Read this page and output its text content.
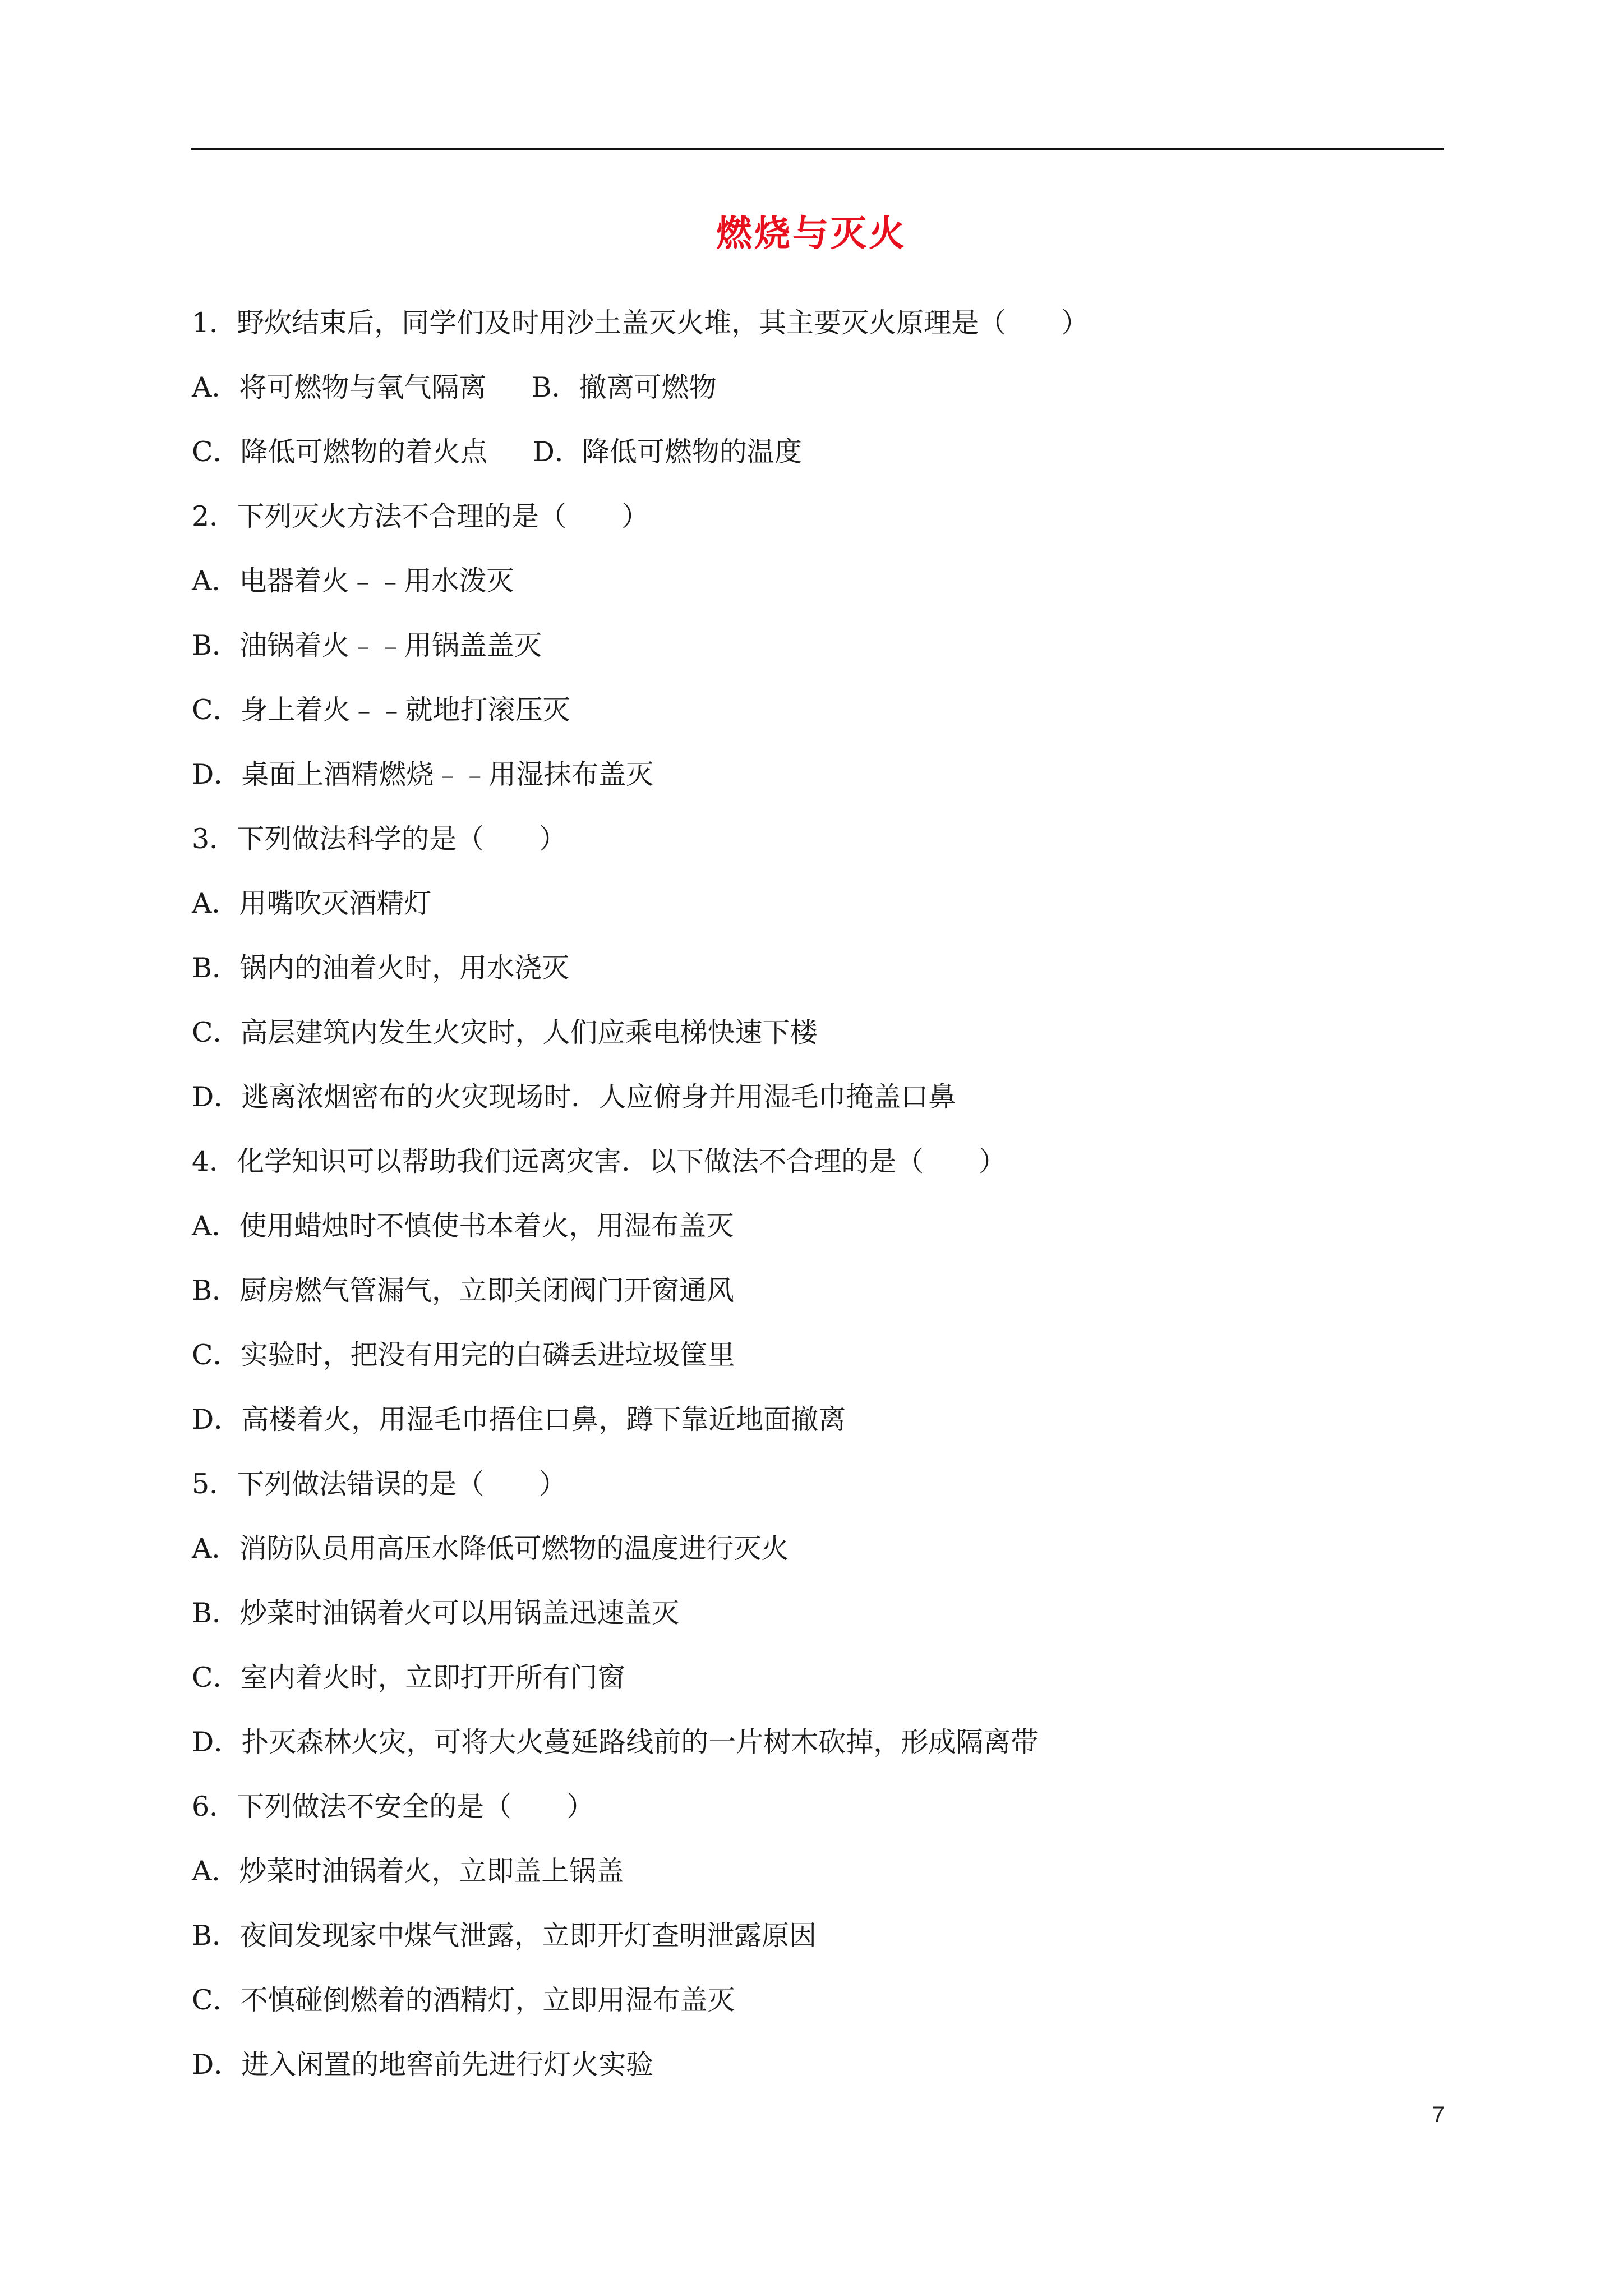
燃烧与灭火
1．野炊结束后，同学们及时用沙土盖灭火堆，其主要灭火原理是（　　）
A．将可燃物与氧气隔离　  B．撤离可燃物
C．降低可燃物的着火点　  D．降低可燃物的温度
2．下列灭火方法不合理的是（　　）
A．电器着火﹣﹣用水泼灭
B．油锅着火﹣﹣用锅盖盖灭
C．身上着火﹣﹣就地打滚压灭
D．桌面上酒精燃烧﹣﹣用湿抹布盖灭
3．下列做法科学的是（　　）
A．用嘴吹灭酒精灯
B．锅内的油着火时，用水浇灭
C．高层建筑内发生火灾时，人们应乘电梯快速下楼
D．逃离浓烟密布的火灾现场时．人应俯身并用湿毛巾掩盖口鼻
4．化学知识可以帮助我们远离灾害．以下做法不合理的是（　　）
A．使用蜡烛时不慎使书本着火，用湿布盖灭
B．厨房燃气管漏气，立即关闭阀门开窗通风
C．实验时，把没有用完的白磷丢进垃圾筐里
D．高楼着火，用湿毛巾捂住口鼻，蹲下靠近地面撤离
5．下列做法错误的是（　　）
A．消防队员用高压水降低可燃物的温度进行灭火
B．炒菜时油锅着火可以用锅盖迅速盖灭
C．室内着火时，立即打开所有门窗
D．扑灭森林火灾，可将大火蔓延路线前的一片树木砍掉，形成隔离带
6．下列做法不安全的是（　　）
A．炒菜时油锅着火，立即盖上锅盖
B．夜间发现家中煤气泄露，立即开灯查明泄露原因
C．不慎碰倒燃着的酒精灯，立即用湿布盖灭
D．进入闲置的地窖前先进行灯火实验
7
